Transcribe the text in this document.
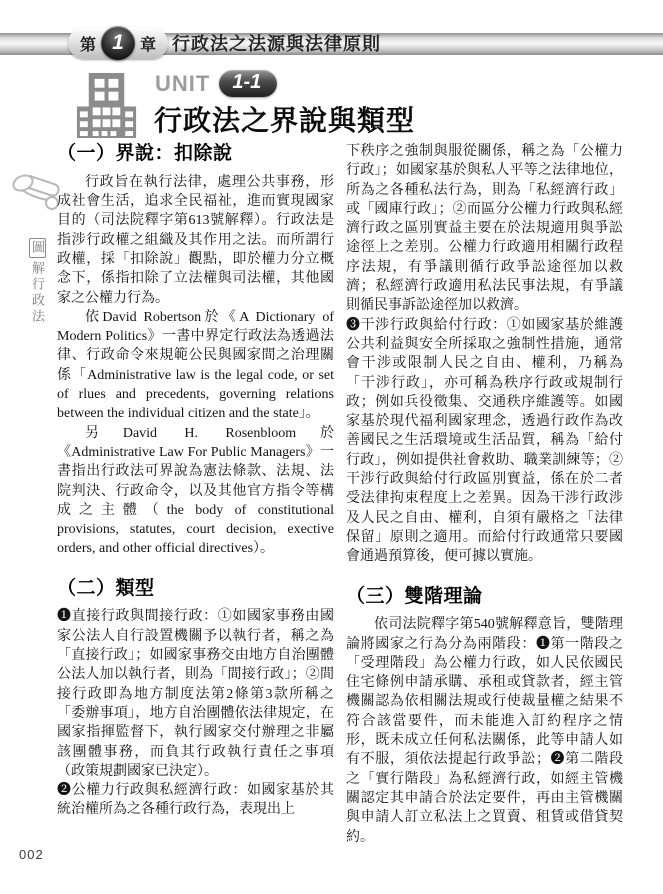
第 1	章 行政法之法源與法律原則
UNIT	1-1
行政法之界說與類型
圖解行政法
（一）界說：扣除說

行政旨在執行法律，處理公共事務，形成社會生活，追求全民福祉，進而實現國家目的（司法院釋字第613號解釋）。行政法是指涉行政權之組織及其作用之法。而所謂行政權，採「扣除說」觀點，即於權力分立概念下，係指扣除了立法權與司法權，其他國家之公權力行為。

依David Robertson於《A Dictionary of Modern Politics》一書中界定行政法為透過法律、行政命令來規範公民與國家間之治理關係「Administrative law is the legal code, or set of rlues and precedents, governing relations between the individual citizen and the state」。

另David H. Rosenbloom於《Administrative Law For Public Managers》一書指出行政法可界說為憲法條款、法規、法院判決、行政命令，以及其他官方指令等構成之主體（the body of constitutional provisions, statutes, court decision, exective orders, and other official directives）。

（二）類型

❶直接行政與間接行政：①如國家事務由國家公法人自行設置機關予以執行者，稱之為「直接行政」；如國家事務交由地方自治團體公法人加以執行者，則為「間接行政」；②間接行政即為地方制度法第2條第3款所稱之「委辦事項」，地方自治團體依法律規定，在國家指揮監督下，執行國家交付辦理之非屬該團體事務，而負其行政執行責任之事項（政策規劃國家已決定）。

❷公權力行政與私經濟行政：如國家基於其統治權所為之各種行政行為，表現出上

下秩序之強制與服從關係，稱之為「公權力行政」；如國家基於與私人平等之法律地位，所為之各種私法行為，則為「私經濟行政」或「國庫行政」；②而區分公權力行政與私經濟行政之區別實益主要在於法規適用與爭訟途徑上之差別。公權力行政適用相關行政程序法規，有爭議則循行政爭訟途徑加以救濟；私經濟行政適用私法民事法規，有爭議則循民事訴訟途徑加以救濟。

❸干涉行政與給付行政：①如國家基於維護公共利益與安全所採取之強制性措施，通常會干涉或限制人民之自由、權利，乃稱為「干涉行政」，亦可稱為秩序行政或規制行政；例如兵役徵集、交通秩序維護等。如國家基於現代福利國家理念，透過行政作為改善國民之生活環境或生活品質，稱為「給付行政」，例如提供社會救助、職業訓練等；②干涉行政與給付行政區別實益，係在於二者受法律拘束程度上之差異。因為干涉行政涉及人民之自由、權利，自須有嚴格之「法律保留」原則之適用。而給付行政通常只要國會通過預算後，便可據以實施。

（三）雙階理論

依司法院釋字第540號解釋意旨，雙階理論將國家之行為分為兩階段：❶第一階段之「受理階段」為公權力行政，如人民依國民住宅條例申請承購、承租或貸款者，經主管機關認為依相關法規或行使裁量權之結果不符合該當要件，而未能進入訂約程序之情形，既未成立任何私法關係，此等申請人如有不服，須依法提起行政爭訟；❷第二階段之「實行階段」為私經濟行政，如經主管機關認定其申請合於法定要件，再由主管機關與申請人訂立私法上之買賣、租賃或借貸契約。

002
